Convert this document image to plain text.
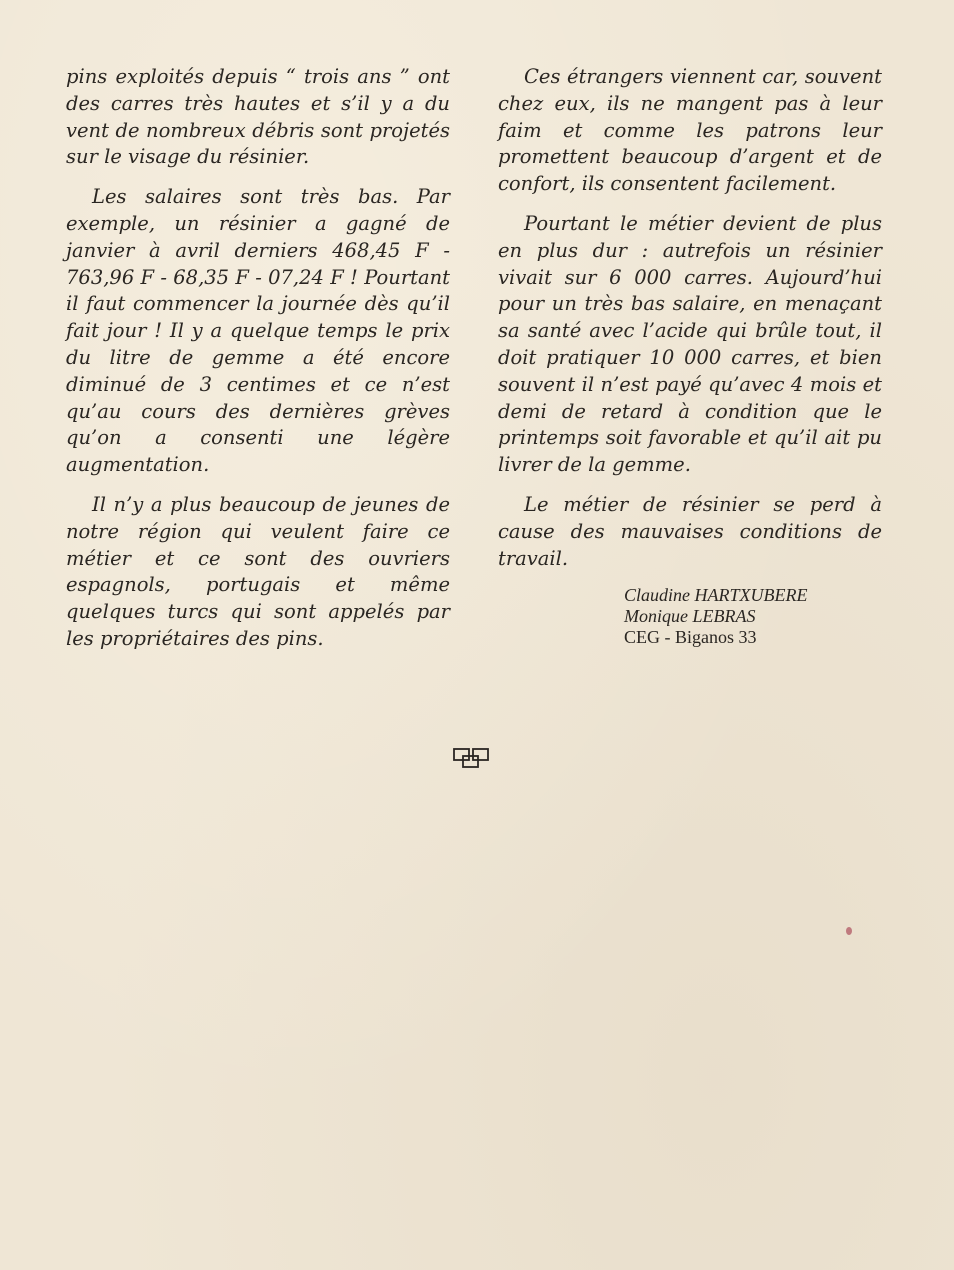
pins exploités depuis “ trois ans ” ont des carres très hautes et s’il y a du vent de nombreux débris sont projetés sur le visage du résinier.

Les salaires sont très bas. Par exemple, un résinier a gagné de janvier à avril derniers 468,45 F - 763,96 F - 68,35 F - 07,24 F ! Pourtant il faut commencer la journée dès qu’il fait jour ! Il y a quelque temps le prix du litre de gemme a été encore diminué de 3 centimes et ce n’est qu’au cours des dernières grèves qu’on a consenti une légère augmentation.

Il n’y a plus beaucoup de jeunes de notre région qui veulent faire ce métier et ce sont des ouvriers espagnols, portugais et même quelques turcs qui sont appelés par les propriétaires des pins.

Ces étrangers viennent car, souvent chez eux, ils ne mangent pas à leur faim et comme les patrons leur promettent beaucoup d’argent et de confort, ils consentent facilement.

Pourtant le métier devient de plus en plus dur : autrefois un résinier vivait sur 6 000 carres. Aujourd’hui pour un très bas salaire, en menaçant sa santé avec l’acide qui brûle tout, il doit pratiquer 10 000 carres, et bien souvent il n’est payé qu’avec 4 mois et demi de retard à condition que le printemps soit favorable et qu’il ait pu livrer de la gemme.

Le métier de résinier se perd à cause des mauvaises conditions de travail.

Claudine HARTXUBERE
Monique LEBRAS
CEG - Biganos 33
